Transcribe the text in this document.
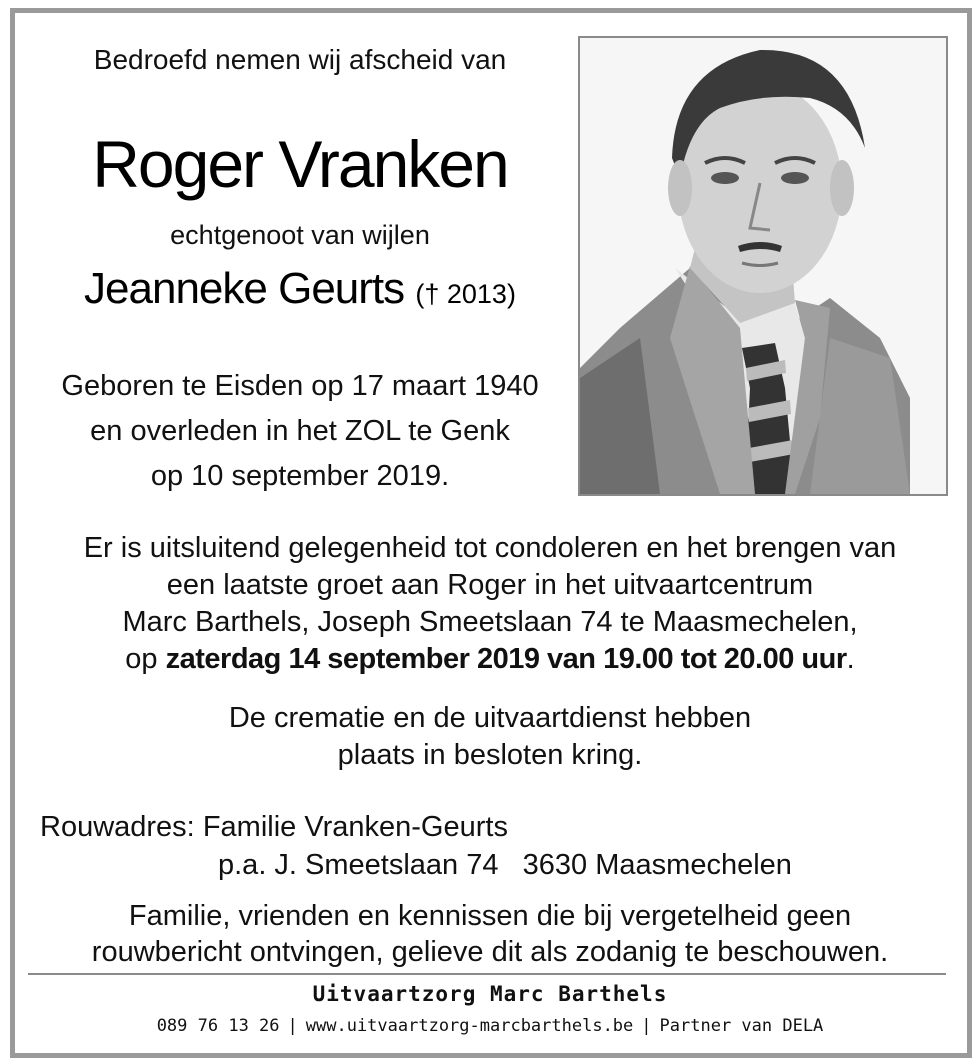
Bedroefd nemen wij afscheid van
Roger Vranken
echtgenoot van wijlen
Jeanneke Geurts († 2013)
Geboren te Eisden op 17 maart 1940
en overleden in het ZOL te Genk
op 10 september 2019.
Er is uitsluitend gelegenheid tot condoleren en het brengen van
een laatste groet aan Roger in het uitvaartcentrum
Marc Barthels, Joseph Smeetslaan 74 te Maasmechelen,
op zaterdag 14 september 2019 van 19.00 tot 20.00 uur.
De crematie en de uitvaartdienst hebben
plaats in besloten kring.
Rouwadres: Familie Vranken-Geurts
p.a. J. Smeetslaan 74 3630 Maasmechelen
Familie, vrienden en kennissen die bij vergetelheid geen
rouwbericht ontvingen, gelieve dit als zodanig te beschouwen.
Uitvaartzorg Marc Barthels
089 76 13 26 | www.uitvaartzorg-marcbarthels.be | Partner van DELA
